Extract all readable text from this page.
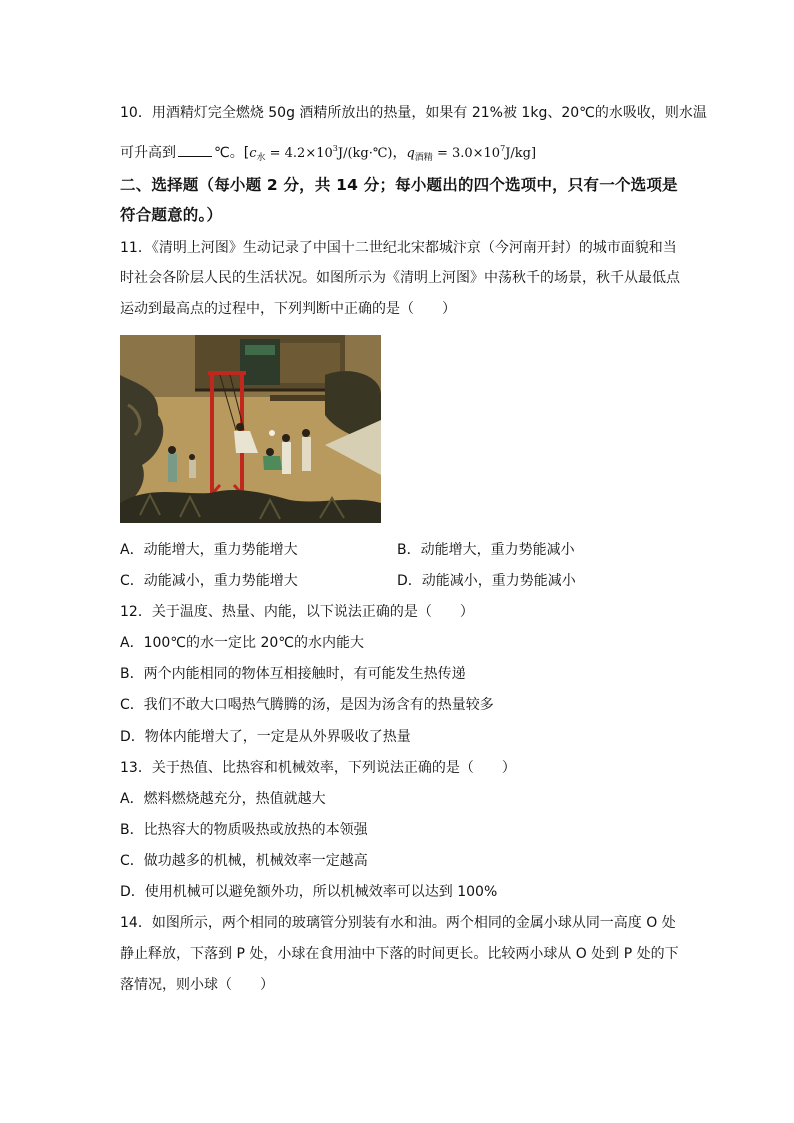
10．用酒精灯完全燃烧 50g 酒精所放出的热量，如果有 21%被 1kg、20℃的水吸收，则水温
可升高到	℃。[$c_水$ = $4.2\times 10^3J/(kg\cdot℃)$，$q_{酒精} = 3.0\times 10^7J/kg$]
二、选择题（每小题 2 分，共 14 分；每小题出的四个选项中，只有一个选项是
符合题意的。）
11．《清明上河图》生动记录了中国十二世纪北宋都城汴京（今河南开封）的城市面貌和当
时社会各阶层人民的生活状况。如图所示为《清明上河图》中荡秋千的场景，秋千从最低点
运动到最高点的过程中，下列判断中正确的是（　　）
A．动能增大，重力势能增大	B．动能增大，重力势能减小
C．动能减小，重力势能增大	D．动能减小，重力势能减小
12．关于温度、热量、内能，以下说法正确的是（　　）
A．100℃的水一定比 20℃的水内能大
B．两个内能相同的物体互相接触时，有可能发生热传递
C．我们不敢大口喝热气腾腾的汤，是因为汤含有的热量较多
D．物体内能增大了，一定是从外界吸收了热量
13．关于热值、比热容和机械效率，下列说法正确的是（　　）
A．燃料燃烧越充分，热值就越大
B．比热容大的物质吸热或放热的本领强
C．做功越多的机械，机械效率一定越高
D．使用机械可以避免额外功，所以机械效率可以达到 100%
14．如图所示，两个相同的玻璃管分别装有水和油。两个相同的金属小球从同一高度 O 处
静止释放，下落到 P 处，小球在食用油中下落的时间更长。比较两小球从 O 处到 P 处的下
落情况，则小球（　　）
